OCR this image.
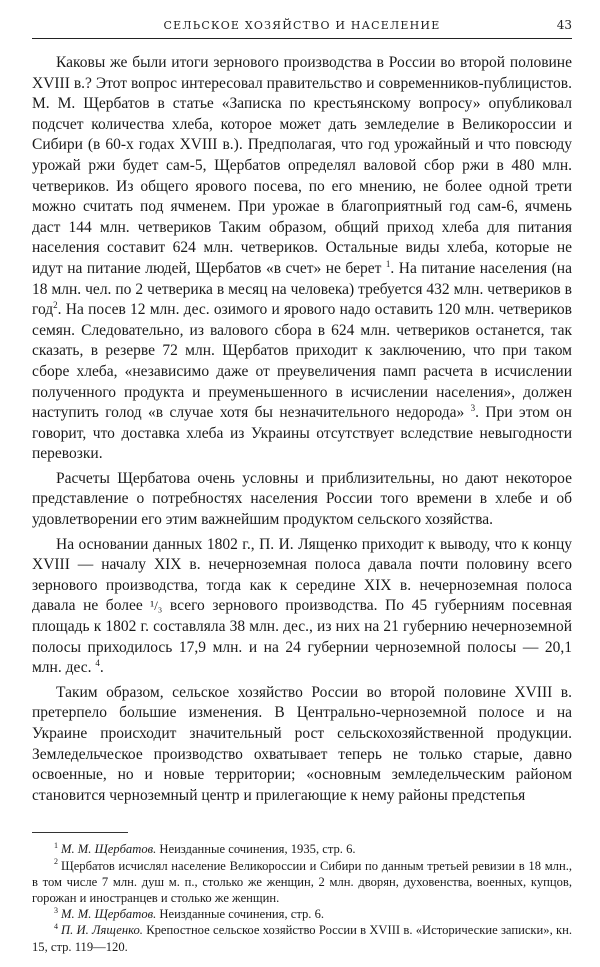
СЕЛЬСКОЕ ХОЗЯЙСТВО И НАСЕЛЕНИЕ	43

Каковы же были итоги зернового производства в России во второй половине XVIII в.? Этот вопрос интересовал правительство и современников-публицистов. М. М. Щербатов в статье «Записка по крестьянскому вопросу» опубликовал подсчет количества хлеба, которое может дать земледелие в Великороссии и Сибири (в 60-х годах XVIII в.). Предполагая, что год урожайный и что повсюду урожай ржи будет сам-5, Щербатов определял валовой сбор ржи в 480 млн. четвериков. Из общего ярового посева, по его мнению, не более одной трети можно считать под ячменем. При урожае в благоприятный год сам-6, ячмень даст 144 млн. четвериков Таким образом, общий приход хлеба для питания населения составит 624 млн. четвериков. Остальные виды хлеба, которые не идут на питание людей, Щербатов «в счет» не берет $^1$. На питание населения (на 18 млн. чел. по 2 четверика в месяц на человека) требуется 432 млн. четвериков в год$^2$. На посев 12 млн. дес. озимого и ярового надо оставить 120 млн. четвериков семян. Следовательно, из валового сбора в 624 млн. четвериков останется, так сказать, в резерве 72 млн. Щербатов приходит к заключению, что при таком сборе хлеба, «независимо даже от преувеличения памп расчета в исчислении полученного продукта и преуменьшенного в исчислении населения», должен наступить голод «в случае хотя бы незначительного недорода» $^3$. При этом он говорит, что доставка хлеба из Украины отсутствует вследствие невыгодности перевозки.

Расчеты Щербатова очень условны и приблизительны, но дают некоторое представление о потребностях населения России того времени в хлебе и об удовлетворении его этим важнейшим продуктом сельского хозяйства.

На основании данных 1802 г., П. И. Лященко приходит к выводу, что к концу XVIII — началу XIX в. нечерноземная полоса давала почти половину всего зернового производства, тогда как к середине XIX в. нечерноземная полоса давала не более ¹/₃ всего зернового производства. По 45 губерниям посевная площадь к 1802 г. составляла 38 млн. дес., из них на 21 губернию нечерноземной полосы приходилось 17,9 млн. и на 24 губернии черноземной полосы — 20,1 млн. дес. $^4$.

Таким образом, сельское хозяйство России во второй половине XVIII в. претерпело большие изменения. В Центрально-черноземной полосе и на Украине происходит значительный рост сельскохозяйственной продукции. Земледельческое производство охватывает теперь не только старые, давно освоенные, но и новые территории; «основным земледельческим районом становится черноземный центр и прилегающие к нему районы предстепья

$^1$ М. М. Щербатов. Неизданные сочинения, 1935, стр. 6.

$^2$ Щербатов исчислял население Великороссии и Сибири по данным третьей ревизии в 18 млн., в том числе 7 млн. душ м. п., столько же женщин, 2 млн. дворян, духовенства, военных, купцов, горожан и иностранцев и столько же женщин.

$^3$ М. М. Щербатов. Неизданные сочинения, стр. 6.

$^4$ П. И. Лященко. Крепостное сельское хозяйство России в XVIII в. «Исторические записки», кн. 15, стр. 119—120.
